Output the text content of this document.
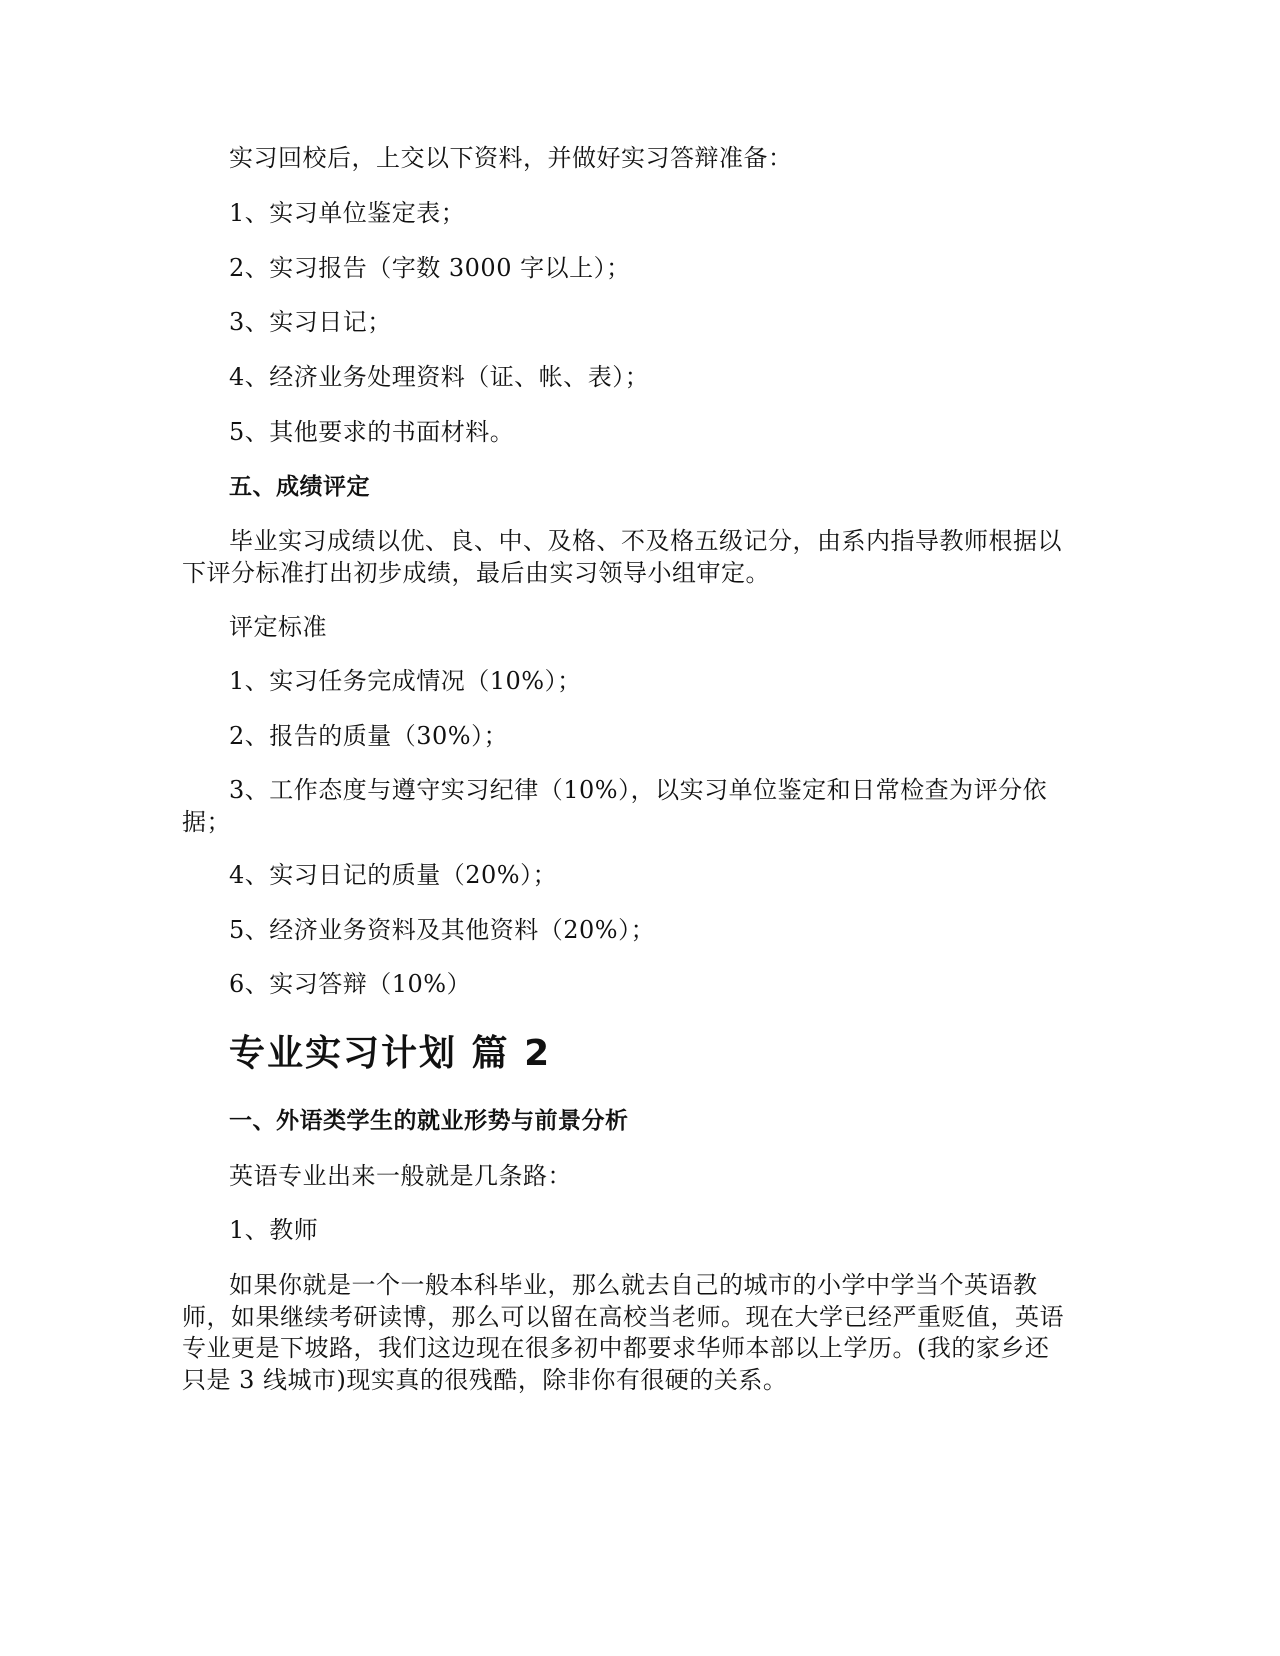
实习回校后，上交以下资料，并做好实习答辩准备：
1、实习单位鉴定表；
2、实习报告（字数 3000 字以上）；
3、实习日记；
4、经济业务处理资料（证、帐、表）；
5、其他要求的书面材料。
五、成绩评定
毕业实习成绩以优、良、中、及格、不及格五级记分，由系内指导教师根据以
下评分标准打出初步成绩，最后由实习领导小组审定。
评定标准
1、实习任务完成情况（10%）；
2、报告的质量（30%）；
3、工作态度与遵守实习纪律（10%），以实习单位鉴定和日常检查为评分依
据；
4、实习日记的质量（20%）；
5、经济业务资料及其他资料（20%）；
6、实习答辩（10%）
专业实习计划 篇 2
一、外语类学生的就业形势与前景分析
英语专业出来一般就是几条路：
1、教师
如果你就是一个一般本科毕业，那么就去自己的城市的小学中学当个英语教
师，如果继续考研读博，那么可以留在高校当老师。现在大学已经严重贬值，英语
专业更是下坡路，我们这边现在很多初中都要求华师本部以上学历。(我的家乡还
只是 3 线城市)现实真的很残酷，除非你有很硬的关系。
